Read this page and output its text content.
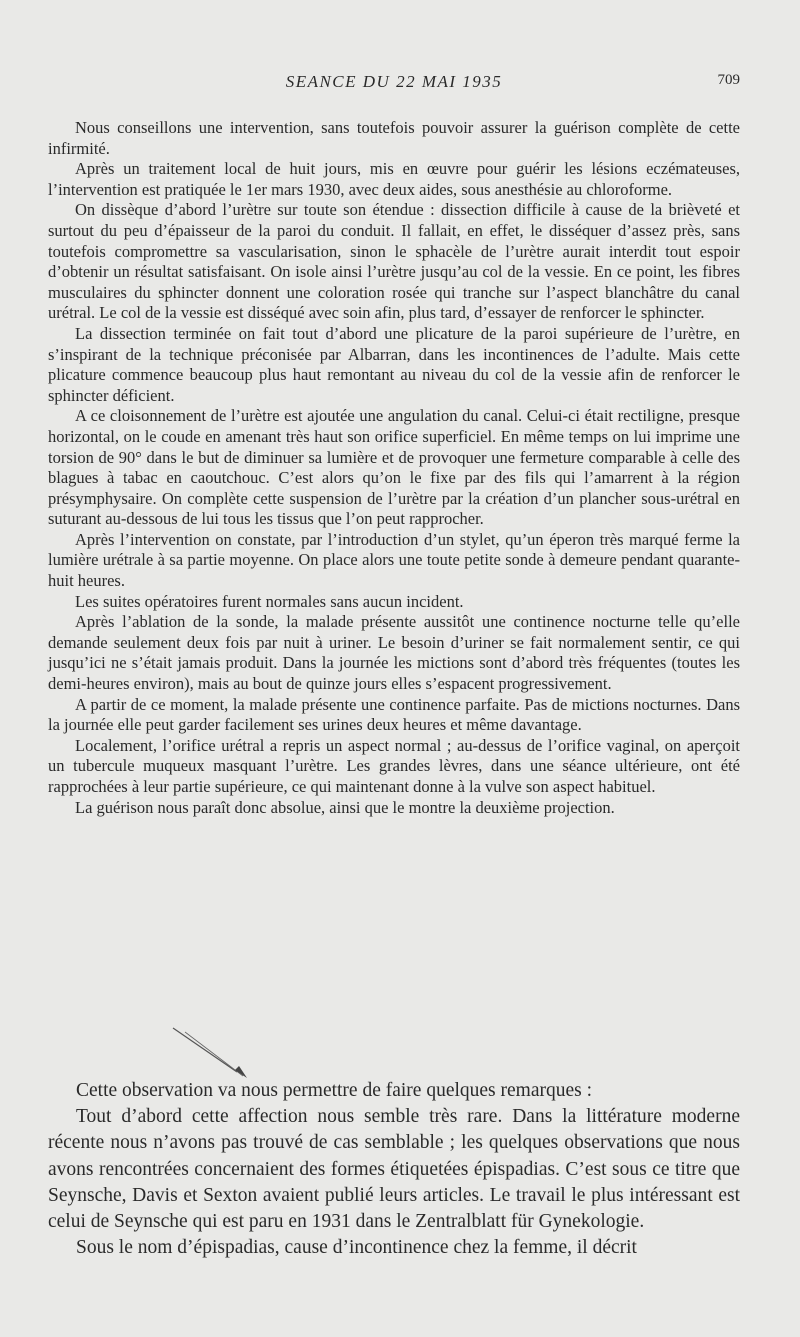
SEANCE DU 22 MAI 1935	709

Nous conseillons une intervention, sans toutefois pouvoir assurer la guérison complète de cette infirmité.

Après un traitement local de huit jours, mis en œuvre pour guérir les lésions eczémateuses, l’intervention est pratiquée le 1er mars 1930, avec deux aides, sous anesthésie au chloroforme.

On dissèque d’abord l’urètre sur toute son étendue : dissection difficile à cause de la brièveté et surtout du peu d’épaisseur de la paroi du conduit. Il fallait, en effet, le disséquer d’assez près, sans toutefois compromettre sa vascularisation, sinon le sphacèle de l’urètre aurait interdit tout espoir d’obtenir un résultat satisfaisant. On isole ainsi l’urètre jusqu’au col de la vessie. En ce point, les fibres musculaires du sphincter donnent une coloration rosée qui tranche sur l’aspect blanchâtre du canal urétral. Le col de la vessie est disséqué avec soin afin, plus tard, d’essayer de renforcer le sphincter.

La dissection terminée on fait tout d’abord une plicature de la paroi supérieure de l’urètre, en s’inspirant de la technique préconisée par Albarran, dans les incontinences de l’adulte. Mais cette plicature commence beaucoup plus haut remontant au niveau du col de la vessie afin de renforcer le sphincter déficient.

A ce cloisonnement de l’urètre est ajoutée une angulation du canal. Celui-ci était rectiligne, presque horizontal, on le coude en amenant très haut son orifice superficiel. En même temps on lui imprime une torsion de 90° dans le but de diminuer sa lumière et de provoquer une fermeture comparable à celle des blagues à tabac en caoutchouc. C’est alors qu’on le fixe par des fils qui l’amarrent à la région présymphysaire. On complète cette suspension de l’urètre par la création d’un plancher sous-urétral en suturant au-dessous de lui tous les tissus que l’on peut rapprocher.

Après l’intervention on constate, par l’introduction d’un stylet, qu’un éperon très marqué ferme la lumière urétrale à sa partie moyenne. On place alors une toute petite sonde à demeure pendant quarante-huit heures.

Les suites opératoires furent normales sans aucun incident.

Après l’ablation de la sonde, la malade présente aussitôt une continence nocturne telle qu’elle demande seulement deux fois par nuit à uriner. Le besoin d’uriner se fait normalement sentir, ce qui jusqu’ici ne s’était jamais produit. Dans la journée les mictions sont d’abord très fréquentes (toutes les demi-heures environ), mais au bout de quinze jours elles s’espacent progressivement.

A partir de ce moment, la malade présente une continence parfaite. Pas de mictions nocturnes. Dans la journée elle peut garder facilement ses urines deux heures et même davantage.

Localement, l’orifice urétral a repris un aspect normal ; au-dessus de l’orifice vaginal, on aperçoit un tubercule muqueux masquant l’urètre. Les grandes lèvres, dans une séance ultérieure, ont été rapprochées à leur partie supérieure, ce qui maintenant donne à la vulve son aspect habituel.

La guérison nous paraît donc absolue, ainsi que le montre la deuxième projection.

Cette observation va nous permettre de faire quelques remarques :

Tout d’abord cette affection nous semble très rare. Dans la littérature moderne récente nous n’avons pas trouvé de cas semblable ; les quelques observations que nous avons rencontrées concernaient des formes étiquetées épispadias. C’est sous ce titre que Seynsche, Davis et Sexton avaient publié leurs articles. Le travail le plus intéressant est celui de Seynsche qui est paru en 1931 dans le Zentralblatt für Gynekologie.

Sous le nom d’épispadias, cause d’incontinence chez la femme, il décrit
